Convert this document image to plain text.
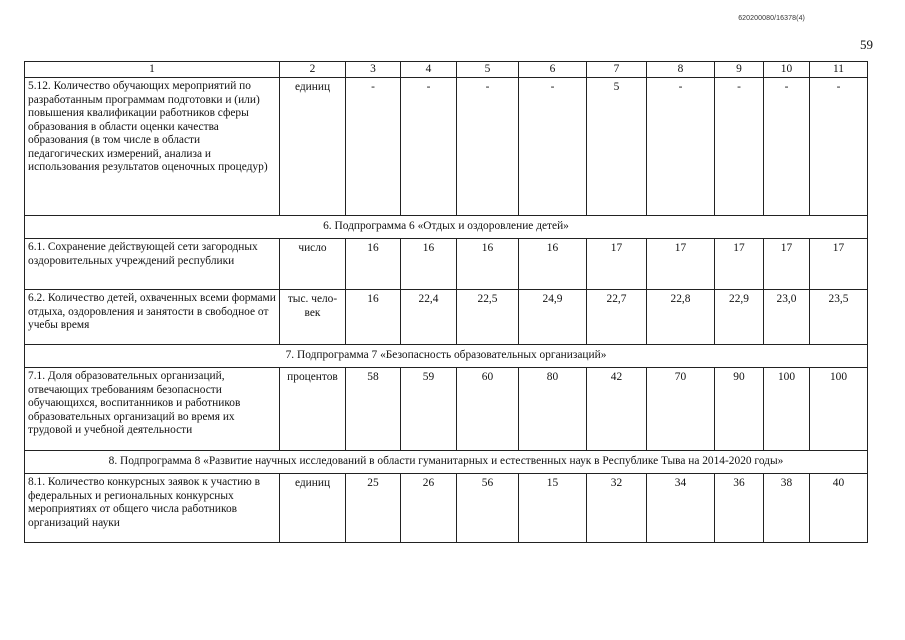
620200080/16378(4)
59
1	2	3	4	5	6	7	8	9	10	11
5.12. Количество обучающих мероприятий по разработанным программам подготовки и (или) повышения квалификации работников сферы образования в области оценки качества образования (в том числе в области педагогических измерений, анализа и использования результатов оценочных процедур)	единиц	-	-	-	-	5	-	-	-	-
6. Подпрограмма 6 «Отдых и оздоровление детей»										
6.1. Сохранение действующей сети загородных оздоровительных учреждений республики	число	16	16	16	16	17	17	17	17	17
6.2. Количество детей, охваченных всеми формами отдыха, оздоровления и занятости в свободное от учебы время	тыс. человек	16	22,4	22,5	24,9	22,7	22,8	22,9	23,0	23,5
7. Подпрограмма 7 «Безопасность образовательных организаций»										
7.1. Доля образовательных организаций, отвечающих требованиям безопасности обучающихся, воспитанников и работников образовательных организаций во время их трудовой и учебной деятельности	процентов	58	59	60	80	42	70	90	100	100
8. Подпрограмма 8 «Развитие научных исследований в области гуманитарных и естественных наук в Республике Тыва на 2014-2020 годы»										
8.1. Количество конкурсных заявок к участию в федеральных и региональных конкурсных мероприятиях от общего числа работников организаций науки	единиц	25	26	56	15	32	34	36	38	40
